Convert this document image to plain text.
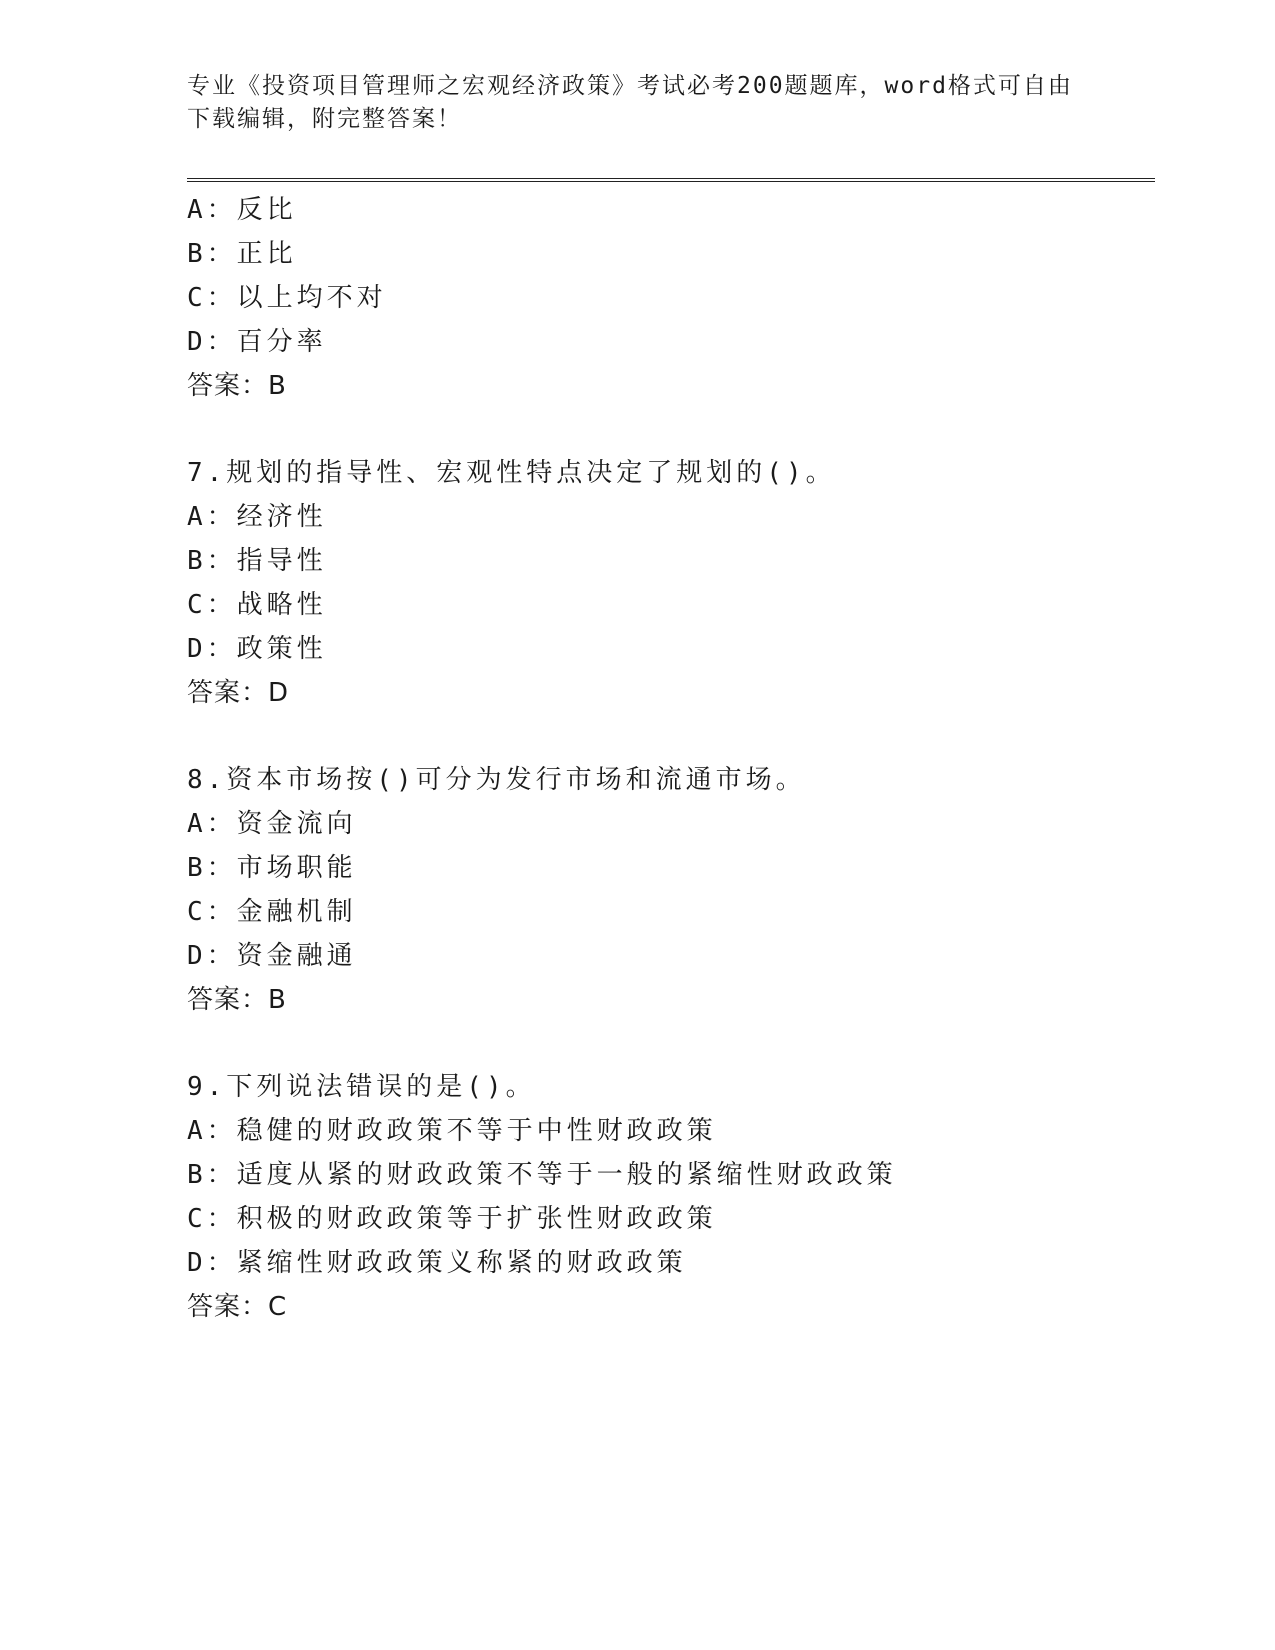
专业《投资项目管理师之宏观经济政策》考试必考200题题库，word格式可自由下载编辑，附完整答案！
A：反比
B：正比
C：以上均不对
D：百分率
答案：B
7.规划的指导性、宏观性特点决定了规划的()。
A：经济性
B：指导性
C：战略性
D：政策性
答案：D
8.资本市场按()可分为发行市场和流通市场。
A：资金流向
B：市场职能
C：金融机制
D：资金融通
答案：B
9.下列说法错误的是()。
A：稳健的财政政策不等于中性财政政策
B：适度从紧的财政政策不等于一般的紧缩性财政政策
C：积极的财政政策等于扩张性财政政策
D：紧缩性财政政策义称紧的财政政策
答案：C
